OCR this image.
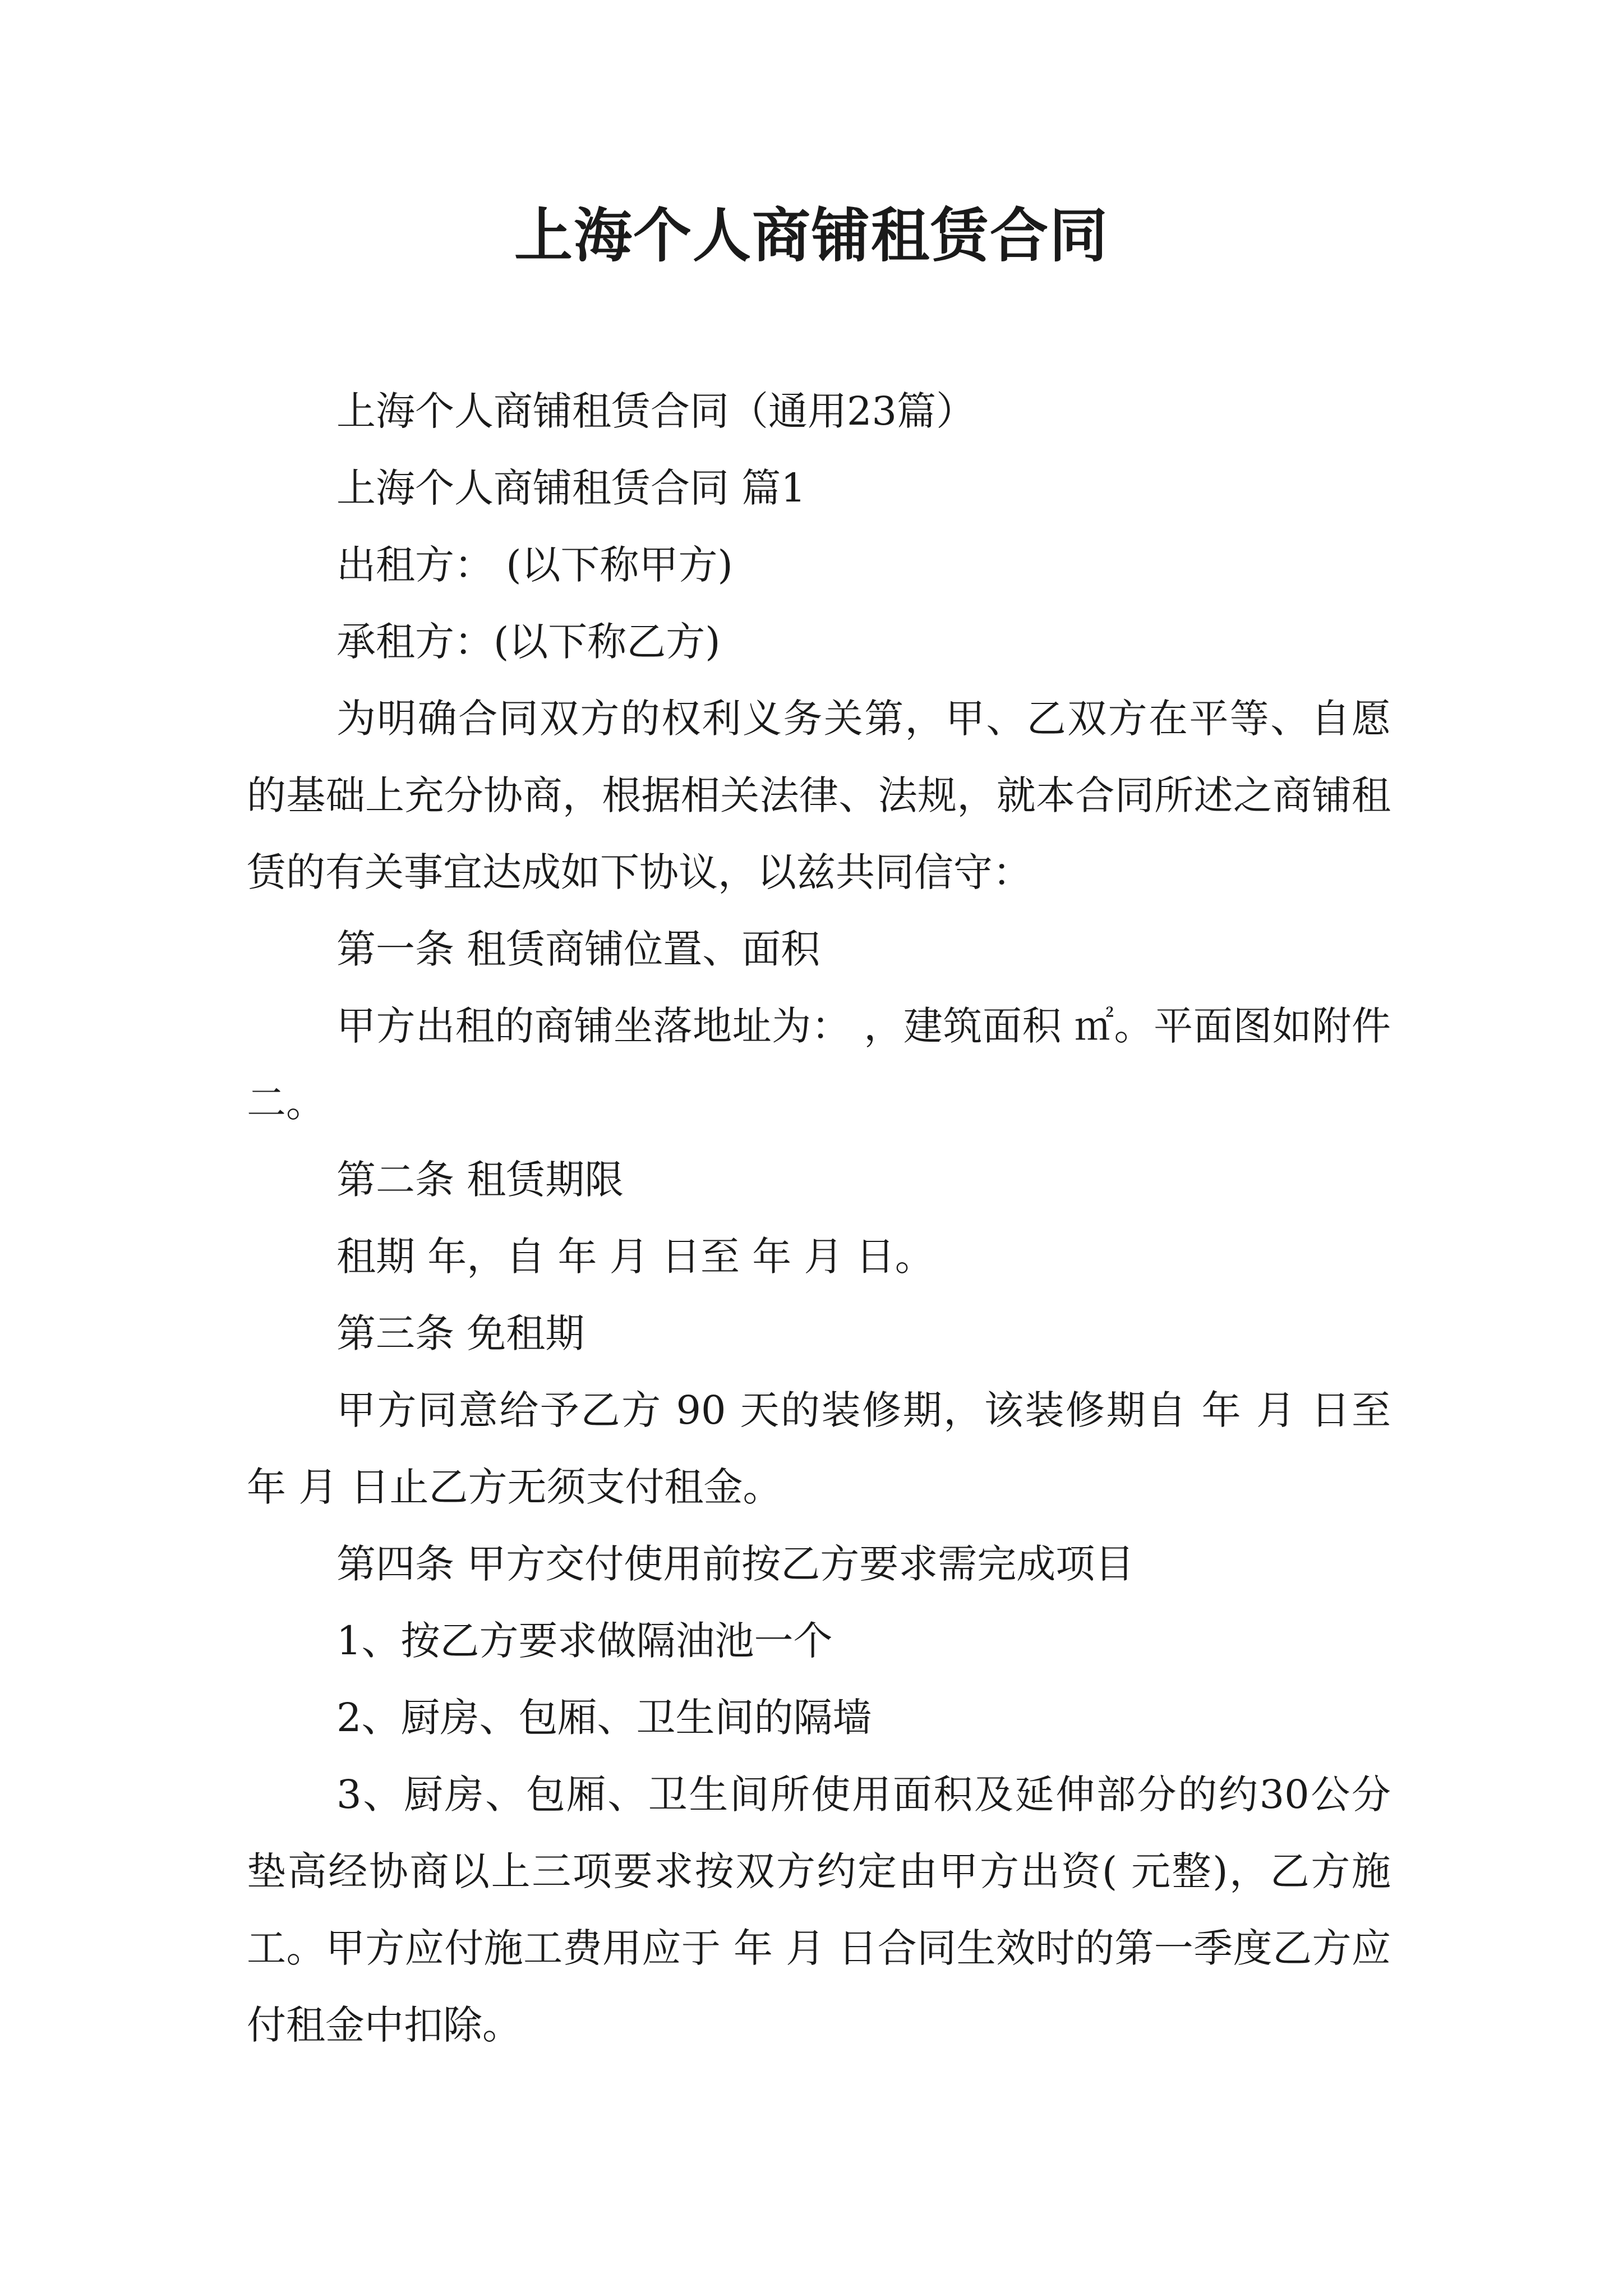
上海个人商铺租赁合同

上海个人商铺租赁合同（通用23篇）

上海个人商铺租赁合同 篇1

出租方： (以下称甲方)

承租方：(以下称乙方)

为明确合同双方的权利义务关第，甲、乙双方在平等、自愿的基础上充分协商，根据相关法律、法规，就本合同所述之商铺租赁的有关事宜达成如下协议，以兹共同信守：

第一条 租赁商铺位置、面积

甲方出租的商铺坐落地址为： ，建筑面积 ㎡。平面图如附件二。

第二条 租赁期限

租期 年，自 年 月 日至 年 月 日。

第三条 免租期

甲方同意给予乙方 90 天的装修期，该装修期自 年 月 日至 年 月 日止乙方无须支付租金。

第四条 甲方交付使用前按乙方要求需完成项目

1、按乙方要求做隔油池一个

2、厨房、包厢、卫生间的隔墙

3、厨房、包厢、卫生间所使用面积及延伸部分的约30公分垫高经协商以上三项要求按双方约定由甲方出资( 元整)，乙方施工。甲方应付施工费用应于 年 月 日合同生效时的第一季度乙方应付租金中扣除。
